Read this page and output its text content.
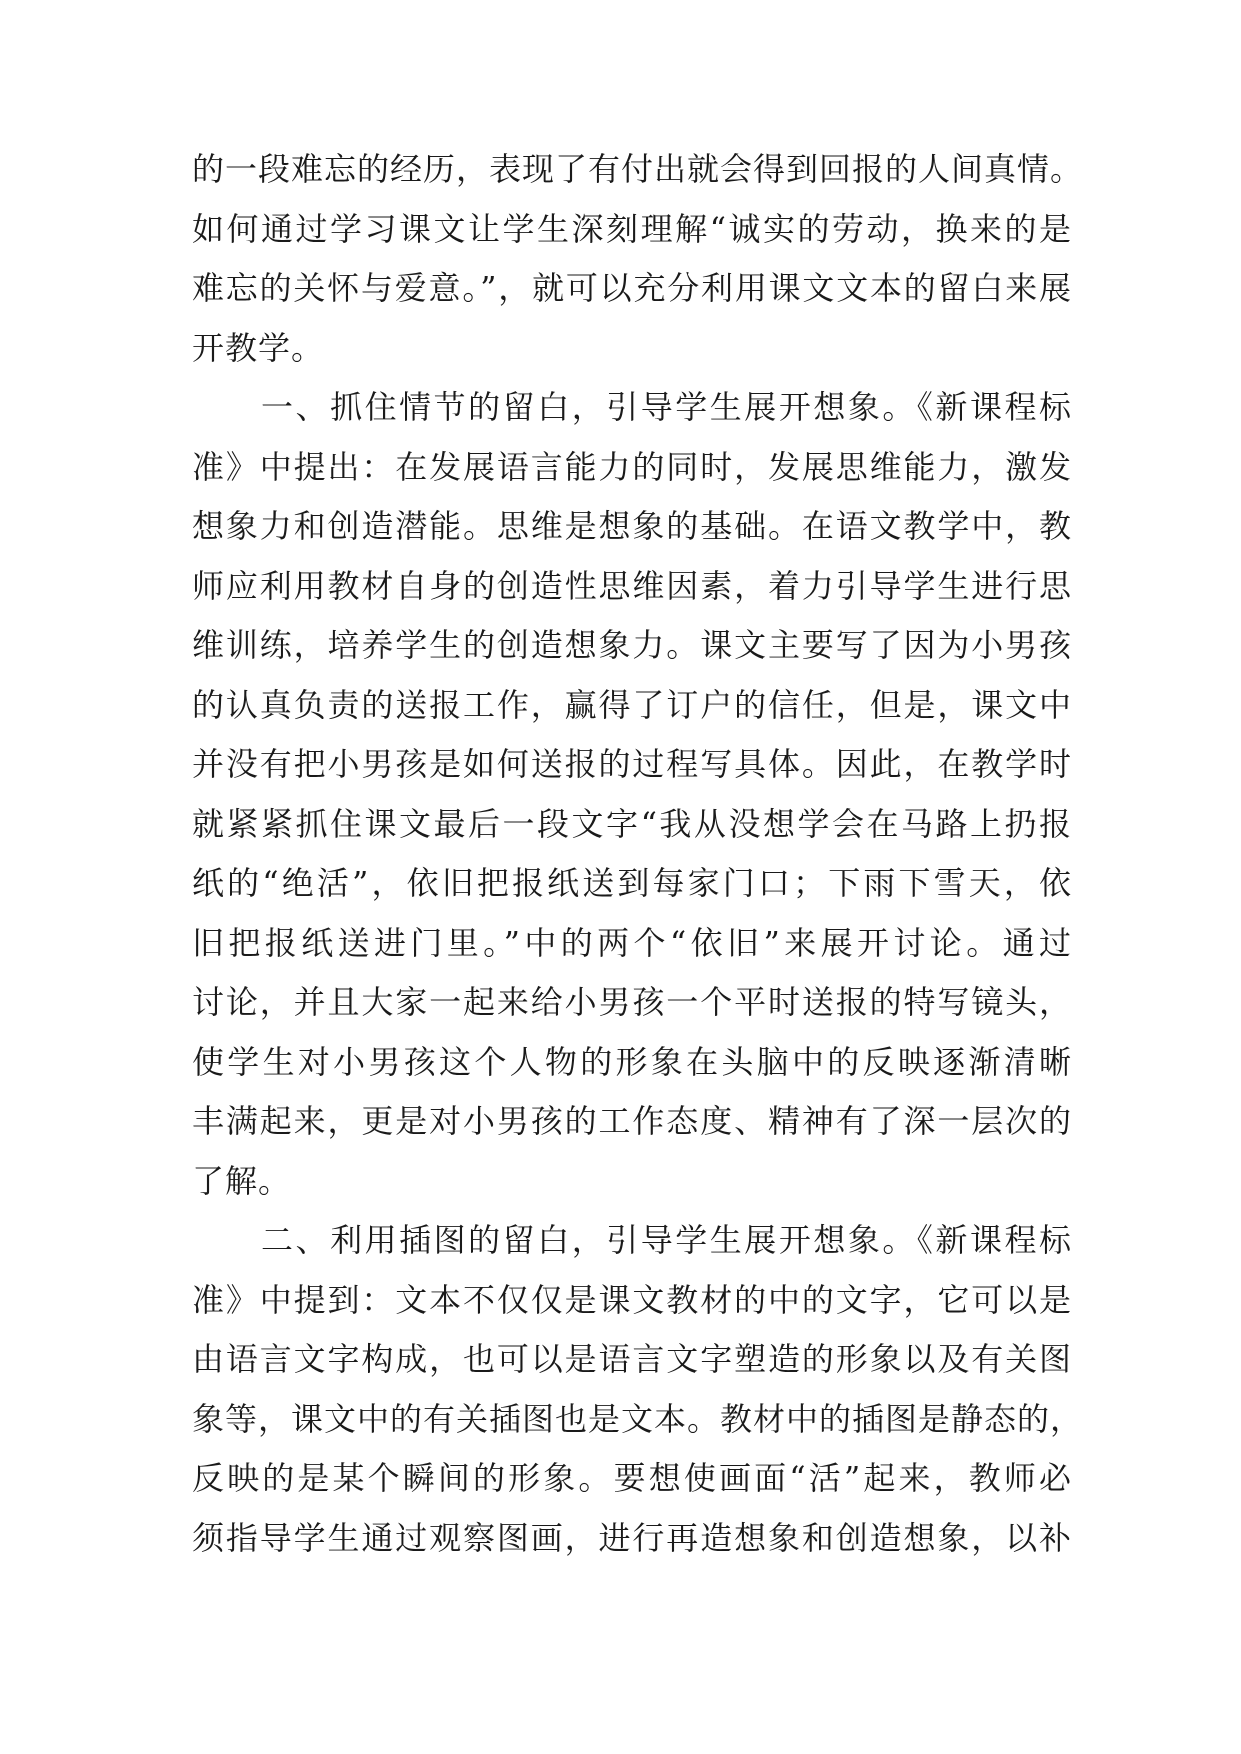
的一段难忘的经历，表现了有付出就会得到回报的人间真情。
如何通过学习课文让学生深刻理解“诚实的劳动，换来的是
难忘的关怀与爱意。”，就可以充分利用课文文本的留白来展
开教学。
　　一、抓住情节的留白，引导学生展开想象。《新课程标
准》中提出：在发展语言能力的同时，发展思维能力，激发
想象力和创造潜能。思维是想象的基础。在语文教学中，教
师应利用教材自身的创造性思维因素，着力引导学生进行思
维训练，培养学生的创造想象力。课文主要写了因为小男孩
的认真负责的送报工作，赢得了订户的信任，但是，课文中
并没有把小男孩是如何送报的过程写具体。因此，在教学时
就紧紧抓住课文最后一段文字“我从没想学会在马路上扔报
纸的“绝活”，依旧把报纸送到每家门口；下雨下雪天，依
旧把报纸送进门里。”中的两个“依旧”来展开讨论。通过
讨论，并且大家一起来给小男孩一个平时送报的特写镜头，
使学生对小男孩这个人物的形象在头脑中的反映逐渐清晰
丰满起来，更是对小男孩的工作态度、精神有了深一层次的
了解。
　　二、利用插图的留白，引导学生展开想象。《新课程标
准》中提到：文本不仅仅是课文教材的中的文字，它可以是
由语言文字构成，也可以是语言文字塑造的形象以及有关图
象等，课文中的有关插图也是文本。教材中的插图是静态的，
反映的是某个瞬间的形象。要想使画面“活”起来，教师必
须指导学生通过观察图画，进行再造想象和创造想象，以补
